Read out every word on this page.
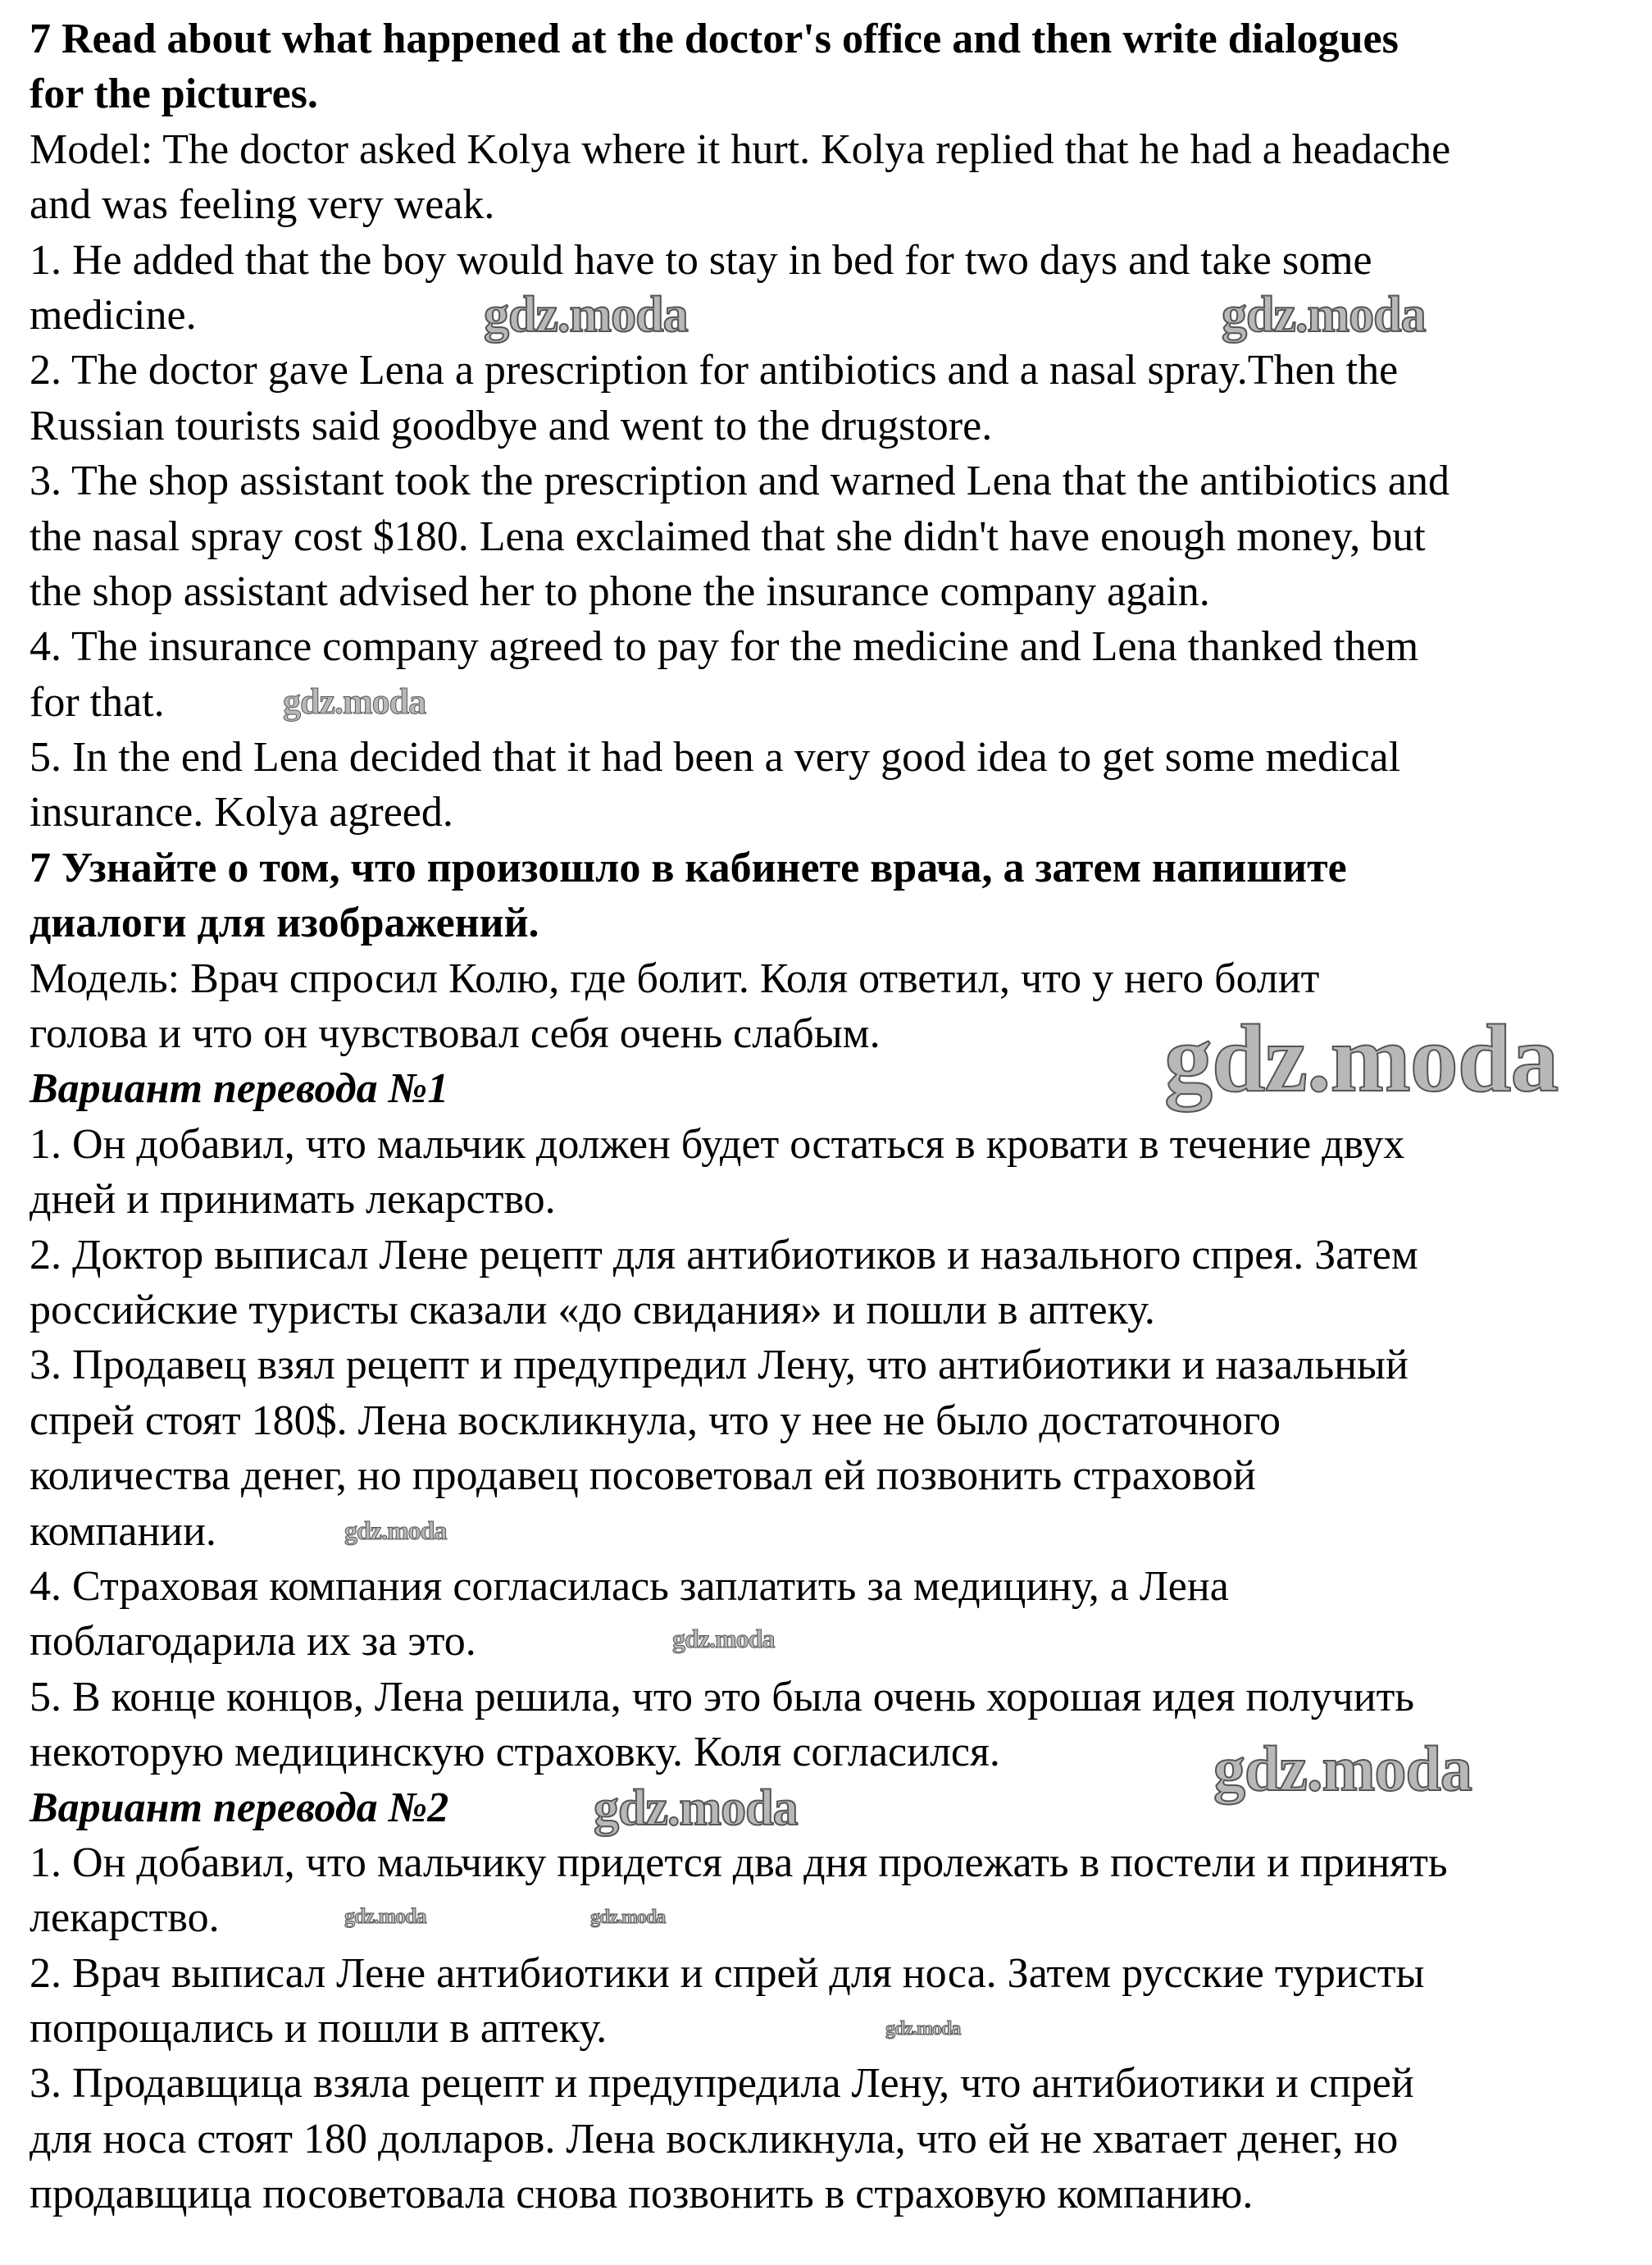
7 Read about what happened at the doctor's office and then write dialogues
for the pictures.
Model: The doctor asked Kolya where it hurt. Kolya replied that he had a headache
and was feeling very weak.
1. He added that the boy would have to stay in bed for two days and take some
medicine.
2. The doctor gave Lena a prescription for antibiotics and a nasal spray.Then the
Russian tourists said goodbye and went to the drugstore.
3. The shop assistant took the prescription and warned Lena that the antibiotics and
the nasal spray cost $180. Lena exclaimed that she didn't have enough money, but
the shop assistant advised her to phone the insurance company again.
4. The insurance company agreed to pay for the medicine and Lena thanked them
for that.
5. In the end Lena decided that it had been a very good idea to get some medical
insurance. Kolya agreed.
7 Узнайте о том, что произошло в кабинете врача, а затем напишите
диалоги для изображений.
Модель: Врач спросил Колю, где болит. Коля ответил, что у него болит
голова и что он чувствовал себя очень слабым.
Вариант перевода №1
1. Он добавил, что мальчик должен будет остаться в кровати в течение двух
дней и принимать лекарство.
2. Доктор выписал Лене рецепт для антибиотиков и назального спрея. Затем
российские туристы сказали «до свидания» и пошли в аптеку.
3. Продавец взял рецепт и предупредил Лену, что антибиотики и назальный
спрей стоят 180$. Лена воскликнула, что у нее не было достаточного
количества денег, но продавец посоветовал ей позвонить страховой
компании.
4. Страховая компания согласилась заплатить за медицину, а Лена
поблагодарила их за это.
5. В конце концов, Лена решила, что это была очень хорошая идея получить
некоторую медицинскую страховку. Коля согласился.
Вариант перевода №2
1. Он добавил, что мальчику придется два дня пролежать в постели и принять
лекарство.
2. Врач выписал Лене антибиотики и спрей для носа. Затем русские туристы
попрощались и пошли в аптеку.
3. Продавщица взяла рецепт и предупредила Лену, что антибиотики и спрей
для носа стоят 180 долларов. Лена воскликнула, что ей не хватает денег, но
продавщица посоветовала снова позвонить в страховую компанию.
gdz.moda	gdz.moda
gdz.moda
gdz.moda
gdz.moda
gdz.moda
gdz.moda
gdz.moda
gdz.moda
gdz.moda
gdz.moda
